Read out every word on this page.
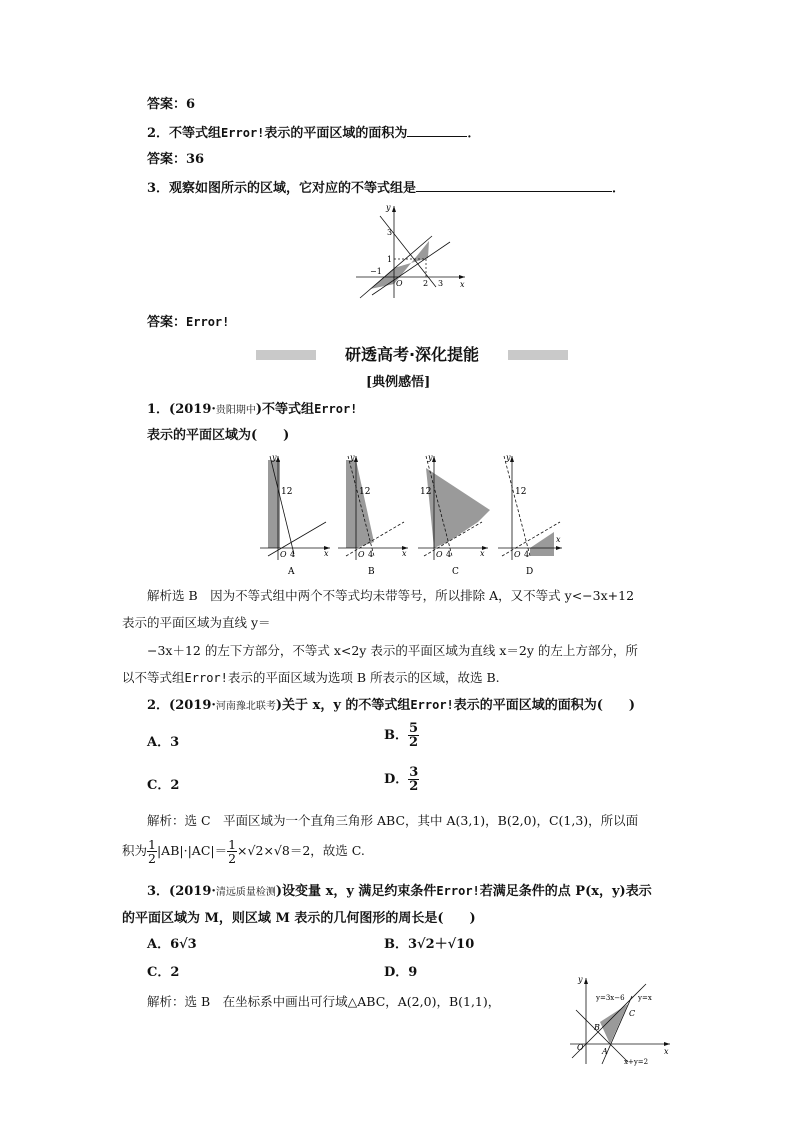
答案：6
2．不等式组Error!表示的平面区域的面积为	．
答案：36
3．观察如图所示的区域，它对应的不等式组是	．
y
x
3
1
−1
O	2 3
答案：Error!
研透高考·深化提能
[典例感悟]
1．(2019·贵阳期中)不等式组Error!
表示的平面区域为(　　)
y
x
12
O 4
A
y
x
12
O 4
B
y
x
12
O 4
C
y
x
12
O 4
D
解析选 B　因为不等式组中两个不等式均未带等号，所以排除 A，又不等式 y<−3x+12
表示的平面区域为直线 y＝
−3x＋12 的左下方部分，不等式 x<2y 表示的平面区域为直线 x＝2y 的左上方部分，所
以不等式组Error!表示的平面区域为选项 B 所表示的区域，故选 B.
2．(2019·河南豫北联考)关于 x，y 的不等式组Error!表示的平面区域的面积为(　　)
A．3	B． $\frac{5}{2}$
C．2	D． $\frac{3}{2}$
解析：选 C　平面区域为一个直角三角形 ABC，其中 A(3,1)，B(2,0)，C(1,3)，所以面
积为 $\frac{1}{2} |AB|\cdot|AC|= \frac{1}{2} \times√2\times√8=2$，故选 C.
3．(2019·清远质量检测)设变量 x，y 满足约束条件Error!若满足条件的点 P(x，y)表示
的平面区域为 M，则区域 M 表示的几何图形的周长是(　　)
A．6√3	B．3√2＋√10
C．2	D．9
解析：选 B　在坐标系中画出可行域△ABC，A(2,0)，B(1,1)，
y
x
O
y=3x−6 y=x
x+y=2
A
B
C
